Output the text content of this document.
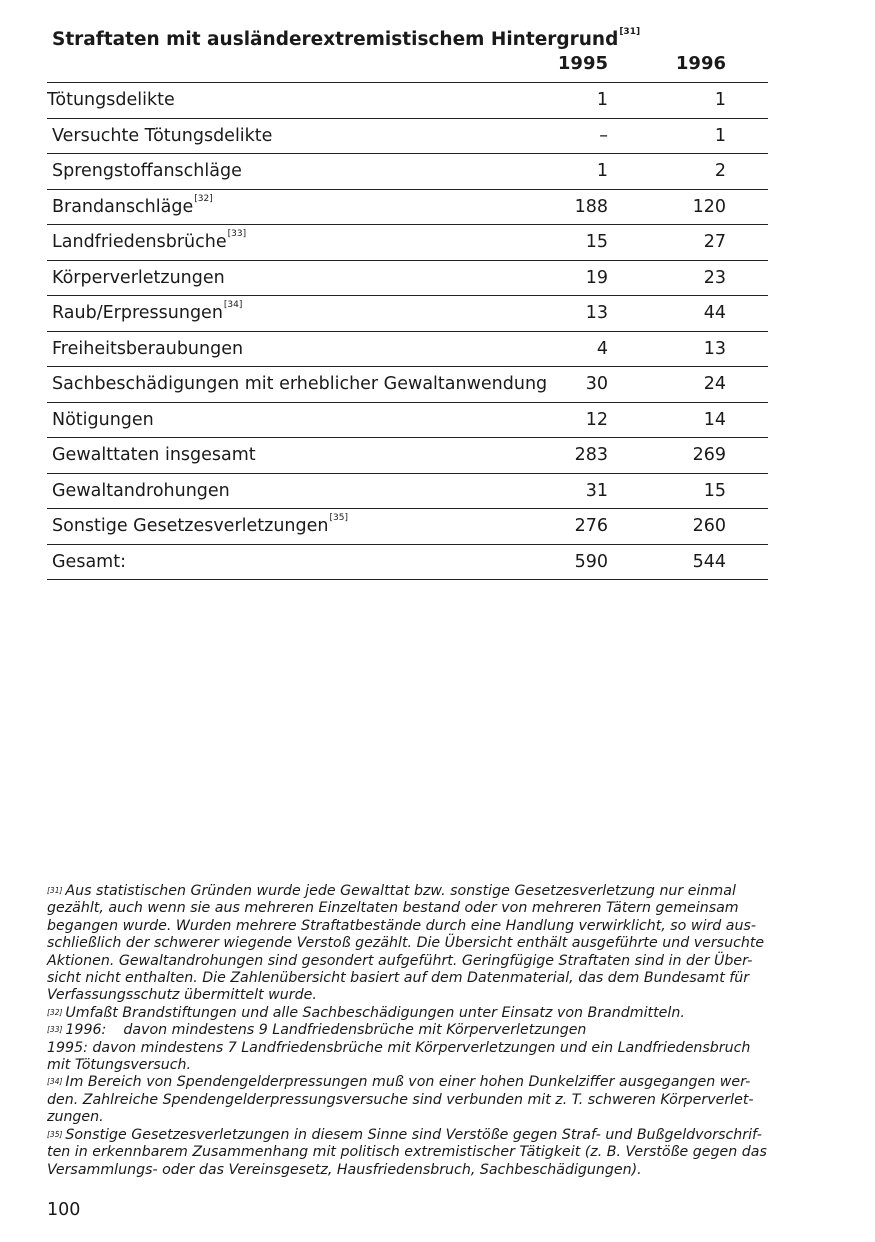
Straftaten mit ausländerextremistischem Hintergrund[31]
1995	1996
Tötungsdelikte	1	1
Versuchte Tötungsdelikte	–	1
Sprengstoffanschläge	1	2
Brandanschläge[32]	188	120
Landfriedensbrüche[33]	15	27
Körperverletzungen	19	23
Raub/Erpressungen[34]	13	44
Freiheitsberaubungen	4	13
Sachbeschädigungen mit erheblicher Gewaltanwendung	30	24
Nötigungen	12	14
Gewalttaten insgesamt	283	269
Gewaltandrohungen	31	15
Sonstige Gesetzesverletzungen[35]	276	260
Gesamt:	590	544

[31] Aus statistischen Gründen wurde jede Gewalttat bzw. sonstige Gesetzesverletzung nur einmal

gezählt, auch wenn sie aus mehreren Einzeltaten bestand oder von mehreren Tätern gemeinsam

begangen wurde. Wurden mehrere Straftatbestände durch eine Handlung verwirklicht, so wird aus-

schließlich der schwerer wiegende Verstoß gezählt. Die Übersicht enthält ausgeführte und versuchte

Aktionen. Gewaltandrohungen sind gesondert aufgeführt. Geringfügige Straftaten sind in der Über-

sicht nicht enthalten. Die Zahlenübersicht basiert auf dem Datenmaterial, das dem Bundesamt für

Verfassungsschutz übermittelt wurde.

[32] Umfaßt Brandstiftungen und alle Sachbeschädigungen unter Einsatz von Brandmitteln.

[33] 1996: davon mindestens 9 Landfriedensbrüche mit Körperverletzungen

1995: davon mindestens 7 Landfriedensbrüche mit Körperverletzungen und ein Landfriedensbruch

mit Tötungsversuch.

[34] Im Bereich von Spendengelderpressungen muß von einer hohen Dunkelziffer ausgegangen wer-

den. Zahlreiche Spendengelderpressungsversuche sind verbunden mit z. T. schweren Körperverlet-

zungen.

[35] Sonstige Gesetzesverletzungen in diesem Sinne sind Verstöße gegen Straf- und Bußgeldvorschrif-

ten in erkennbarem Zusammenhang mit politisch extremistischer Tätigkeit (z. B. Verstöße gegen das

Versammlungs- oder das Vereinsgesetz, Hausfriedensbruch, Sachbeschädigungen).

100
